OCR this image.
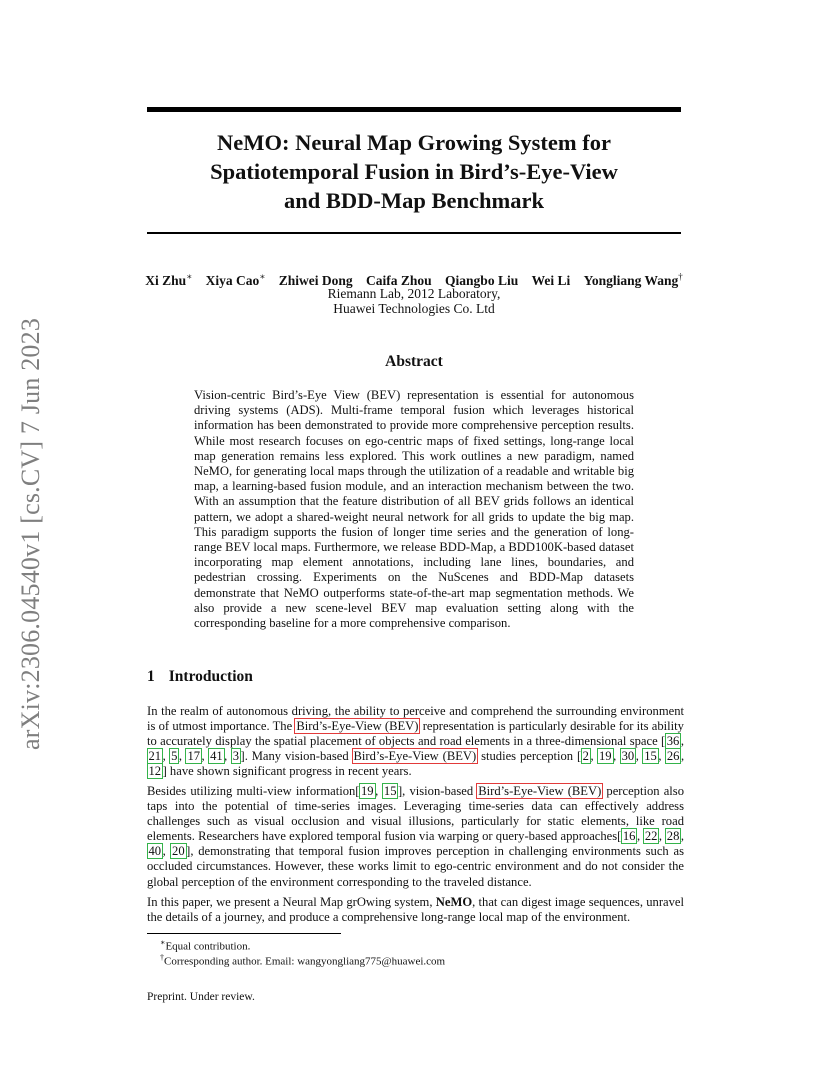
NeMO: Neural Map Growing System for
Spatiotemporal Fusion in Bird’s-Eye-View
and BDD-Map Benchmark
Xi Zhu∗ Xiya Cao∗ Zhiwei Dong Caifa Zhou Qiangbo Liu Wei Li Yongliang Wang†
Riemann Lab, 2012 Laboratory,
Huawei Technologies Co. Ltd
arXiv:2306.04540v1 [cs.CV] 7 Jun 2023	Abstract

Vision-centric Bird’s-Eye View (BEV) representation is essential for autonomous driving systems (ADS). Multi-frame temporal fusion which leverages historical information has been demonstrated to provide more comprehensive perception results. While most research focuses on ego-centric maps of fixed settings, long-range local map generation remains less explored. This work outlines a new paradigm, named NeMO, for generating local maps through the utilization of a readable and writable big map, a learning-based fusion module, and an interaction mechanism between the two. With an assumption that the feature distribution of all BEV grids follows an identical pattern, we adopt a shared-weight neural network for all grids to update the big map. This paradigm supports the fusion of longer time series and the generation of long-range BEV local maps. Furthermore, we release BDD-Map, a BDD100K-based dataset incorporating map element annotations, including lane lines, boundaries, and pedestrian crossing. Experiments on the NuScenes and BDD-Map datasets demonstrate that NeMO outperforms state-of-the-art map segmentation methods. We also provide a new scene-level BEV map evaluation setting along with the corresponding baseline for a more comprehensive comparison.

1 Introduction

In the realm of autonomous driving, the ability to perceive and comprehend the surrounding environment is of utmost importance. The Bird’s-Eye-View (BEV) representation is particularly desirable for its ability to accurately display the spatial placement of objects and road elements in a three-dimensional space [ 36 , 21 , 5 , 17 , 41 , 3 ]. Many vision-based Bird’s-Eye-View (BEV) studies perception [ 2 , 19 , 30 , 15 , 26 , 12 ] have shown significant progress in recent years.

Besides utilizing multi-view information[ 19 , 15 ], vision-based Bird’s-Eye-View (BEV) perception also taps into the potential of time-series images. Leveraging time-series data can effectively address challenges such as visual occlusion and visual illusions, particularly for static elements, like road elements. Researchers have explored temporal fusion via warping or query-based approaches[ 16 , 22 , 28 , 40 , 20 ], demonstrating that temporal fusion improves perception in challenging environments such as occluded circumstances. However, these works limit to ego-centric environment and do not consider the global perception of the environment corresponding to the traveled distance.

In this paper, we present a Neural Map grOwing system, NeMO, that can digest image sequences, unravel the details of a journey, and produce a comprehensive long-range local map of the environment.

∗Equal contribution.

†Corresponding author. Email: wangyongliang775@huawei.com

Preprint. Under review.
